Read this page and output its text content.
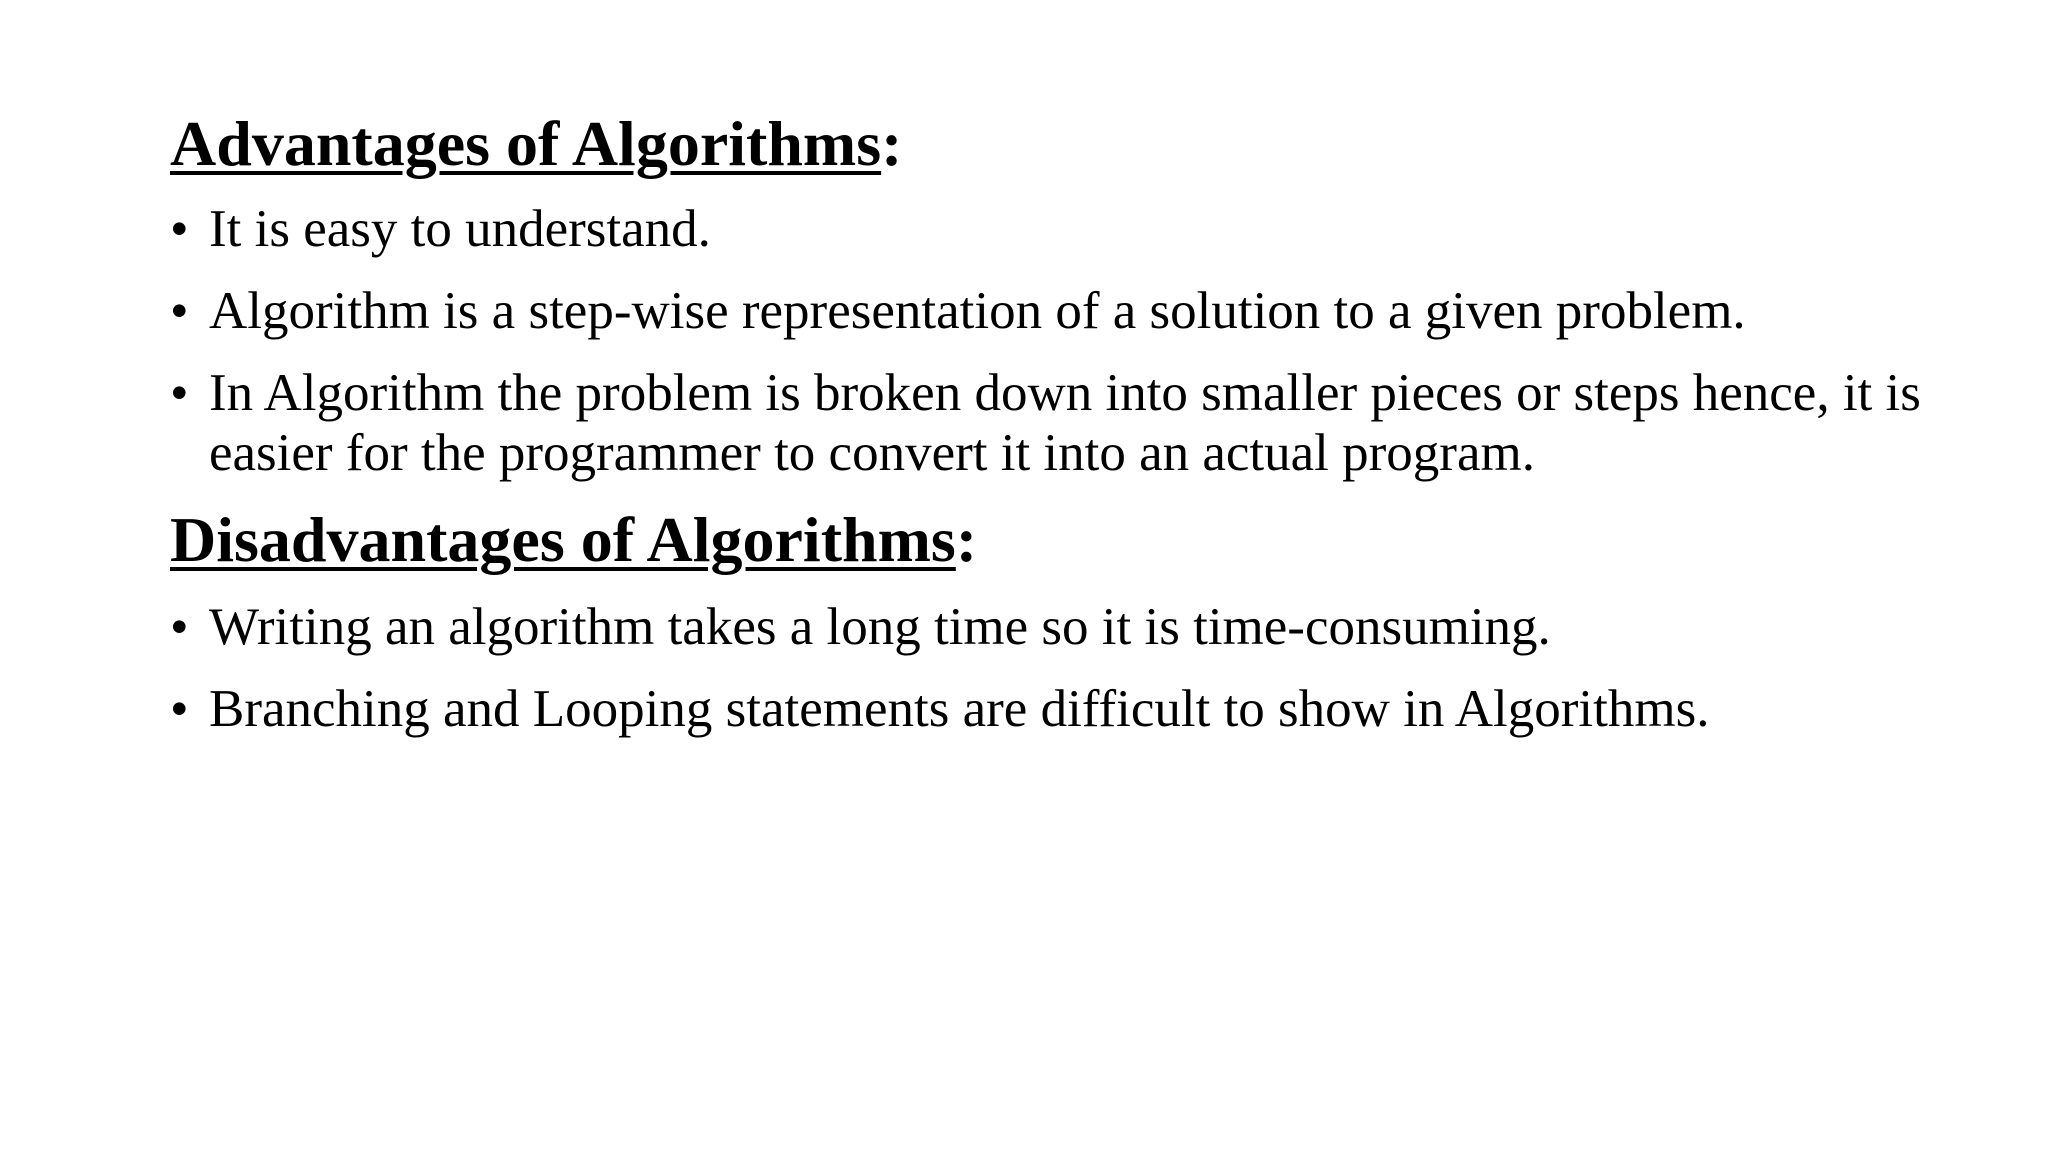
Advantages of Algorithms:
• It is easy to understand.
• Algorithm is a step-wise representation of a solution to a given problem.
• In Algorithm the problem is broken down into smaller pieces or steps hence, it is easier for the programmer to convert it into an actual program.
Disadvantages of Algorithms:
• Writing an algorithm takes a long time so it is time-consuming.
• Branching and Looping statements are difficult to show in Algorithms.
